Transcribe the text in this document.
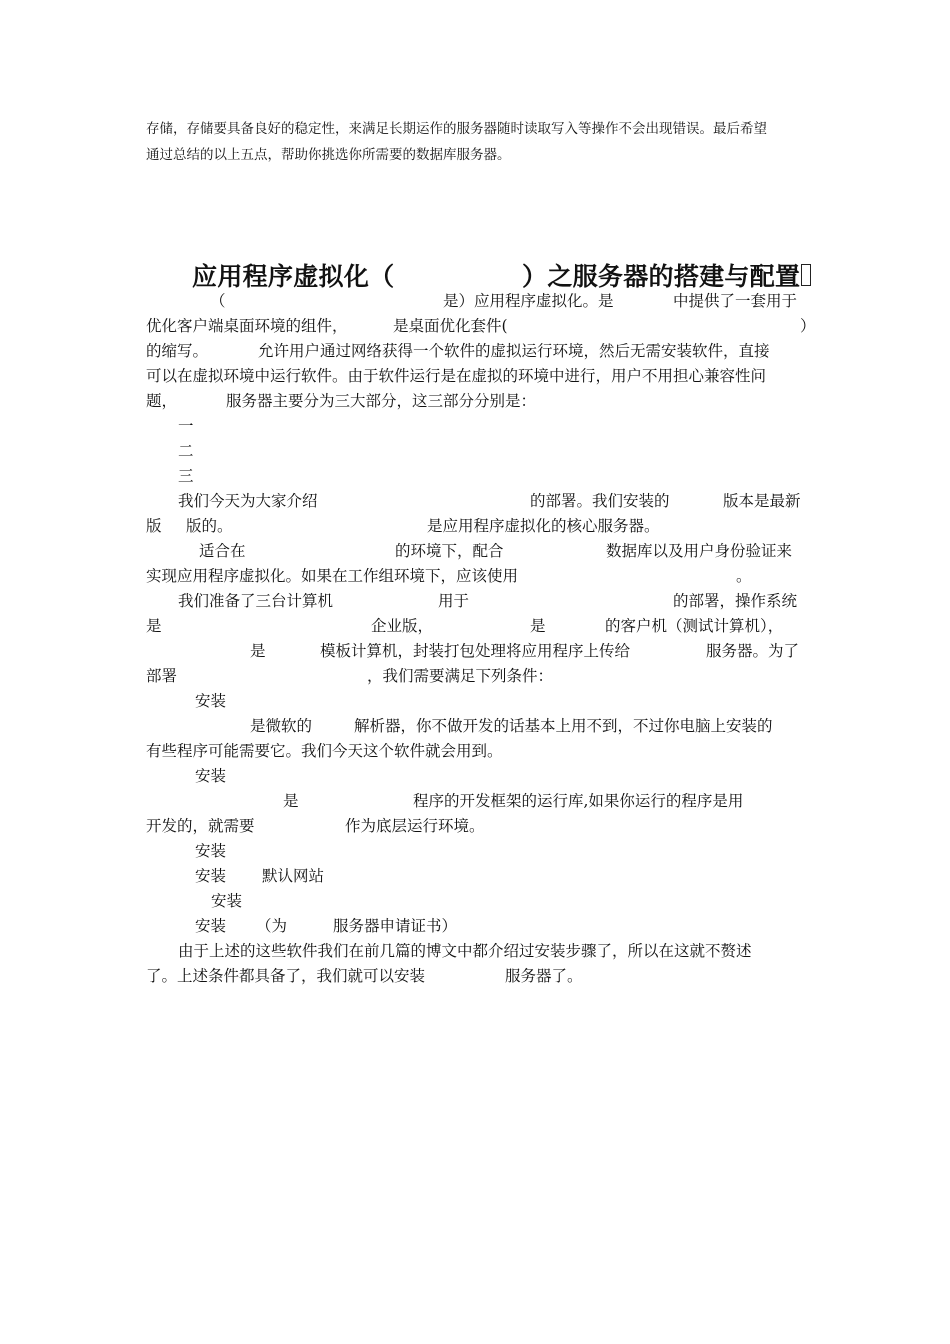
存储，存储要具备良好的稳定性，来满足长期运作的服务器随时读取写入等操作不会出现错误。最后希望
通过总结的以上五点，帮助你挑选你所需要的数据库服务器。

应用程序虚拟化（
	）之服务器的搭建与配置

（	是）应用程序虚拟化。是	中提供了一套用于
优化客户端桌面环境的组件，	是桌面优化套件(	）
的缩写。	允许用户通过网络获得一个软件的虚拟运行环境，然后无需安装软件，直接
可以在虚拟环境中运行软件。由于软件运行是在虚拟的环境中进行，用户不用担心兼容性问
题，	服务器主要分为三大部分，这三部分分别是：
一
二
三
我们今天为大家介绍	的部署。我们安装的	版本是最新
版 版的。	是应用程序虚拟化的核心服务器。
适合在	的环境下，配合	数据库以及用户身份验证来
实现应用程序虚拟化。如果在工作组环境下，应该使用	。
我们准备了三台计算机	用于	的部署，操作系统
是	企业版，	是	的客户机（测试计算机），
是	模板计算机，封装打包处理将应用程序上传给	服务器。为了
部署	，我们需要满足下列条件：
安装
是微软的	解析器，你不做开发的话基本上用不到，不过你电脑上安装的
有些程序可能需要它。我们今天这个软件就会用到。
安装
是	程序的开发框架的运行库,如果你运行的程序是用
开发的，就需要	作为底层运行环境。
安装
安装 默认网站
安装
安装 （为	服务器申请证书）
由于上述的这些软件我们在前几篇的博文中都介绍过安装步骤了，所以在这就不赘述
了。上述条件都具备了，我们就可以安装	服务器了。
